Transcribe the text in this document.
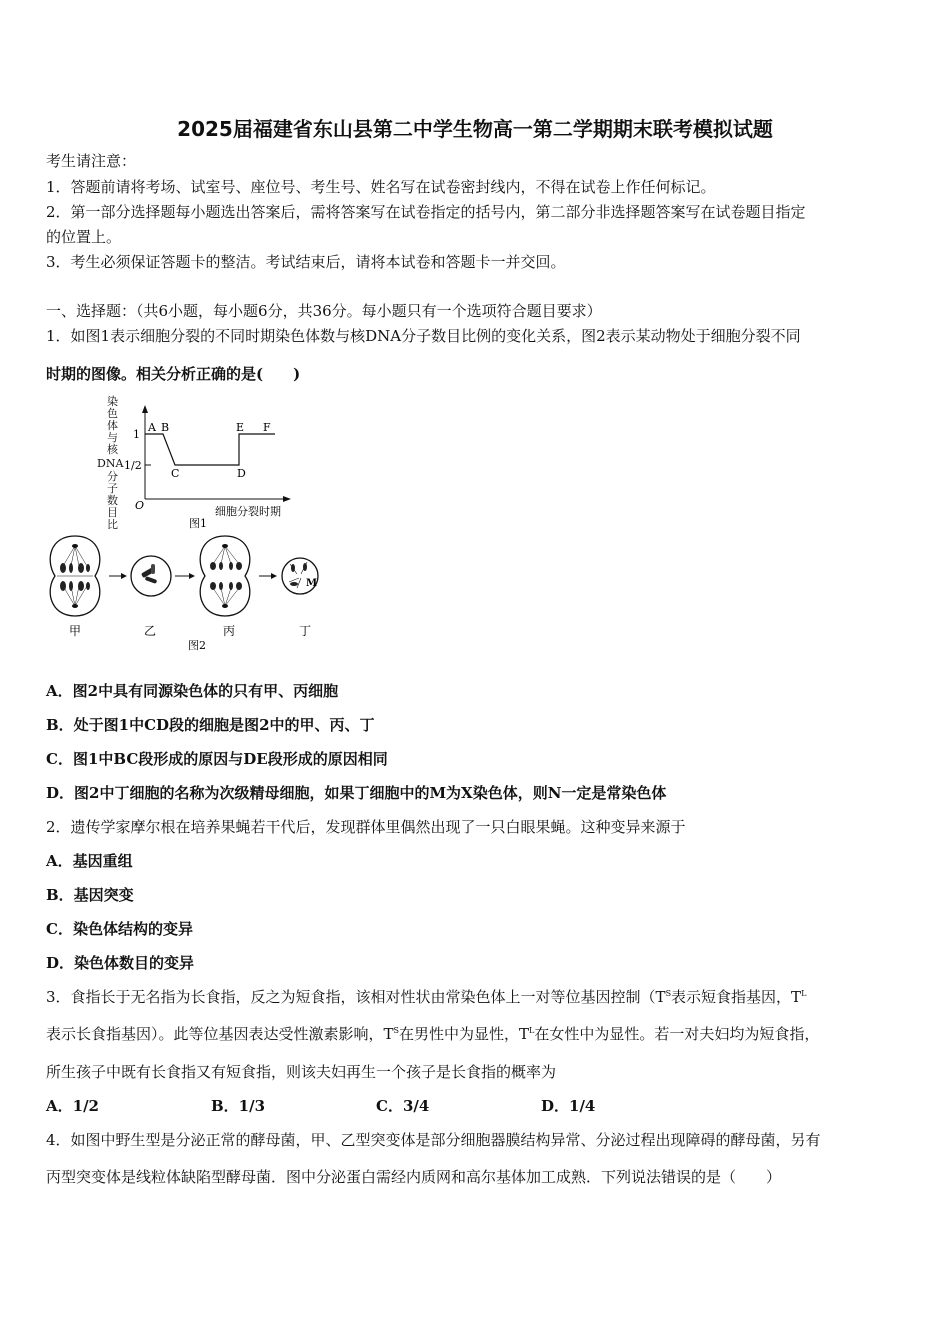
2025届福建省东山县第二中学生物高一第二学期期末联考模拟试题
考生请注意：
1．答题前请将考场、试室号、座位号、考生号、姓名写在试卷密封线内，不得在试卷上作任何标记。
2．第一部分选择题每小题选出答案后，需将答案写在试卷指定的括号内，第二部分非选择题答案写在试卷题目指定
的位置上。
3．考生必须保证答题卡的整洁。考试结束后，请将本试卷和答题卡一并交回。
一、选择题：（共6小题，每小题6分，共36分。每小题只有一个选项符合题目要求）
1．如图1表示细胞分裂的不同时期染色体数与核DNA分子数目比例的变化关系，图2表示某动物处于细胞分裂不同
时期的图像。相关分析正确的是(　　)
染
色
体
与
核
DNA
分
子
数
目
比
1
1/2
O
A B
C	D
E F
细胞分裂时期
图1
M
甲	乙	丙	丁
图2
A．图2中具有同源染色体的只有甲、丙细胞
B．处于图1中CD段的细胞是图2中的甲、丙、丁
C．图1中BC段形成的原因与DE段形成的原因相同
D．图2中丁细胞的名称为次级精母细胞，如果丁细胞中的M为X染色体，则N一定是常染色体
2．遗传学家摩尔根在培养果蝇若干代后，发现群体里偶然出现了一只白眼果蝇。这种变异来源于
A．基因重组
B．基因突变
C．染色体结构的变异
D．染色体数目的变异
3．食指长于无名指为长食指，反之为短食指，该相对性状由常染色体上一对等位基因控制（$T^S$表示短食指基因，$T^L$
表示长食指基因）。此等位基因表达受性激素影响，$T^S$在男性中为显性，$T^L$在女性中为显性。若一对夫妇均为短食指，
所生孩子中既有长食指又有短食指，则该夫妇再生一个孩子是长食指的概率为
A．1/2	B．1/3	C．3/4	D．1/4
4．如图中野生型是分泌正常的酵母菌，甲、乙型突变体是部分细胞器膜结构异常、分泌过程出现障碍的酵母菌，另有
丙型突变体是线粒体缺陷型酵母菌．图中分泌蛋白需经内质网和高尔基体加工成熟．下列说法错误的是（　　）
